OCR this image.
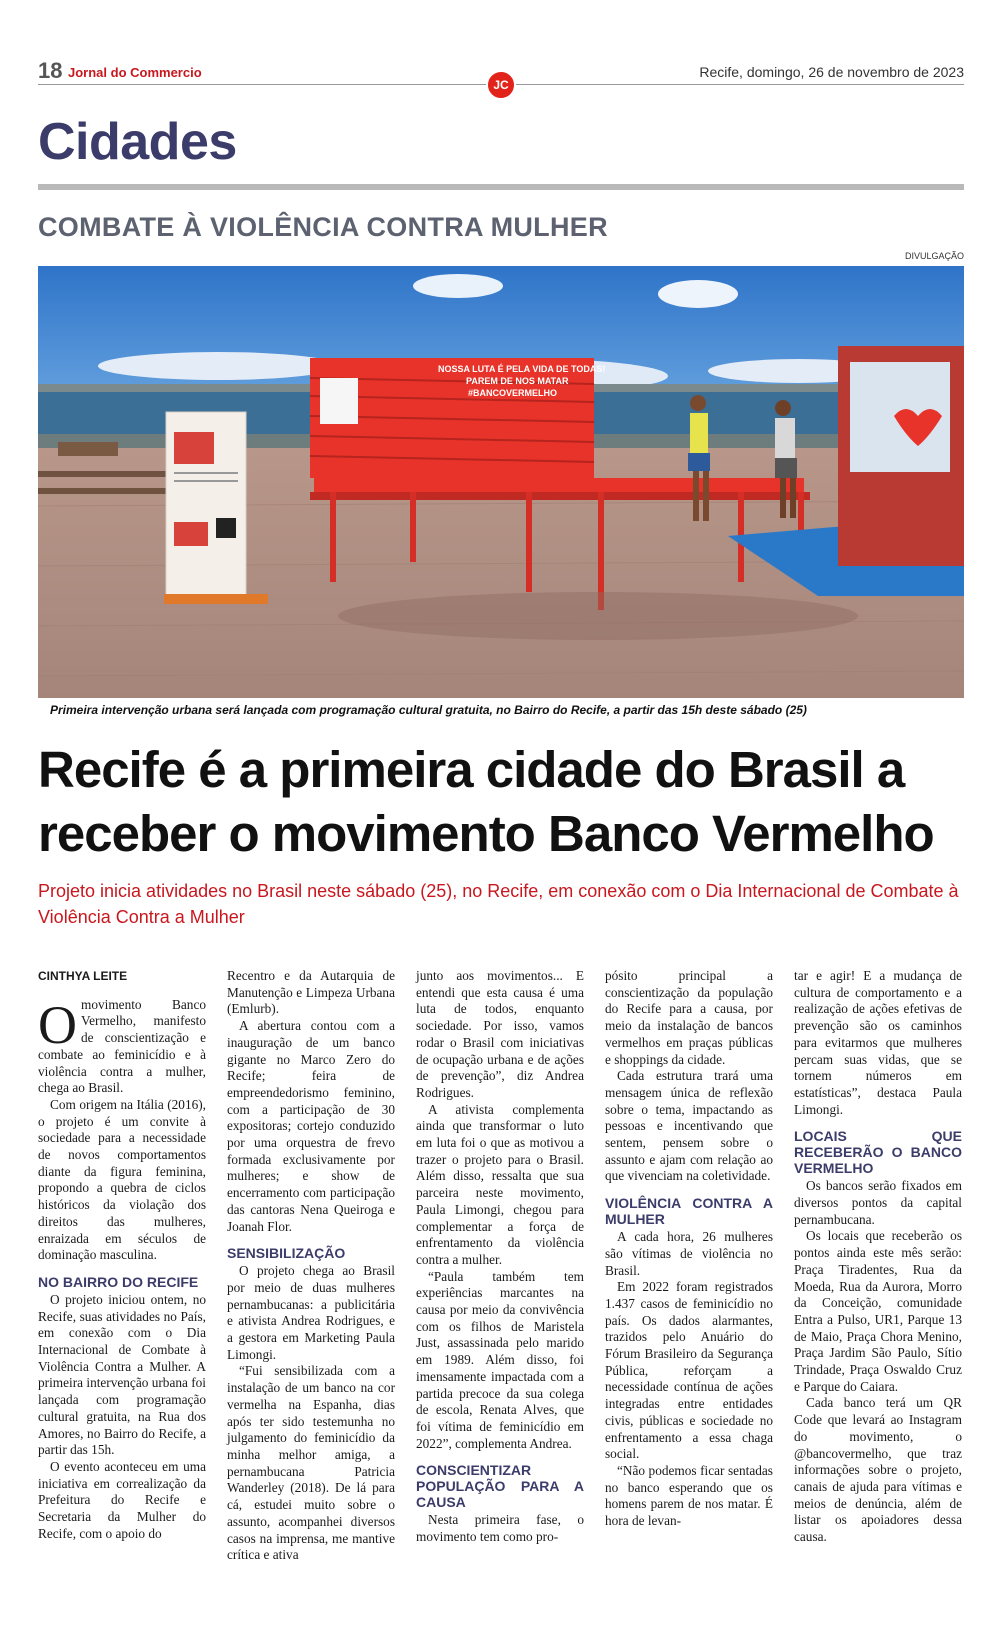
18 Jornal do Commercio	Recife, domingo, 26 de novembro de 2023
JC
Cidades
COMBATE À VIOLÊNCIA CONTRA MULHER
DIVULGAÇÃO
NOSSA LUTA É PELA VIDA DE TODAS!
PAREM DE NOS MATAR
#BANCOVERMELHO
Primeira intervenção urbana será lançada com programação cultural gratuita, no Bairro do Recife, a partir das 15h deste sábado (25)
Recife é a primeira cidade do Brasil a receber o movimento Banco Vermelho
Projeto inicia atividades no Brasil neste sábado (25), no Recife, em conexão com o Dia Internacional de Combate à Violência Contra a Mulher
CINTHYA LEITE

Omovimento Banco Vermelho, manifesto de conscientização e combate ao feminicídio e à violência contra a mulher, chega ao Brasil.

Com origem na Itália (2016), o projeto é um convite à sociedade para a necessidade de novos comportamentos diante da figura feminina, propondo a quebra de ciclos históricos da violação dos direitos das mulheres, enraizada em séculos de dominação masculina.

NO BAIRRO DO RECIFE

O projeto iniciou ontem, no Recife, suas atividades no País, em conexão com o Dia Internacional de Combate à Violência Contra a Mulher. A primeira intervenção urbana foi lançada com programação cultural gratuita, na Rua dos Amores, no Bairro do Recife, a partir das 15h.

O evento aconteceu em uma iniciativa em correalização da Prefeitura do Recife e Secretaria da Mulher do Recife, com o apoio do

Recentro e da Autarquia de Manutenção e Limpeza Urbana (Emlurb).

A abertura contou com a inauguração de um banco gigante no Marco Zero do Recife; feira de empreendedorismo feminino, com a participação de 30 expositoras; cortejo conduzido por uma orquestra de frevo formada exclusivamente por mulheres; e show de encerramento com participação das cantoras Nena Queiroga e Joanah Flor.

SENSIBILIZAÇÃO

O projeto chega ao Brasil por meio de duas mulheres pernambucanas: a publicitária e ativista Andrea Rodrigues, e a gestora em Marketing Paula Limongi.

“Fui sensibilizada com a instalação de um banco na cor vermelha na Espanha, dias após ter sido testemunha no julgamento do feminicídio da minha melhor amiga, a pernambucana Patricia Wanderley (2018). De lá para cá, estudei muito sobre o assunto, acompanhei diversos casos na imprensa, me mantive crítica e ativa

junto aos movimentos... E entendi que esta causa é uma luta de todos, enquanto sociedade. Por isso, vamos rodar o Brasil com iniciativas de ocupação urbana e de ações de prevenção”, diz Andrea Rodrigues.

A ativista complementa ainda que transformar o luto em luta foi o que as motivou a trazer o projeto para o Brasil. Além disso, ressalta que sua parceira neste movimento, Paula Limongi, chegou para complementar a força de enfrentamento da violência contra a mulher.

“Paula também tem experiências marcantes na causa por meio da convivência com os filhos de Maristela Just, assassinada pelo marido em 1989. Além disso, foi imensamente impactada com a partida precoce da sua colega de escola, Renata Alves, que foi vítima de feminicídio em 2022”, complementa Andrea.

CONSCIENTIZAR POPULAÇÃO PARA A CAUSA

Nesta primeira fase, o movimento tem como pro-

pósito principal a conscientização da população do Recife para a causa, por meio da instalação de bancos vermelhos em praças públicas e shoppings da cidade.

Cada estrutura trará uma mensagem única de reflexão sobre o tema, impactando as pessoas e incentivando que sentem, pensem sobre o assunto e ajam com relação ao que vivenciam na coletividade.

VIOLÊNCIA CONTRA A MULHER

A cada hora, 26 mulheres são vítimas de violência no Brasil.

Em 2022 foram registrados 1.437 casos de feminicídio no país. Os dados alarmantes, trazidos pelo Anuário do Fórum Brasileiro da Segurança Pública, reforçam a necessidade contínua de ações integradas entre entidades civis, públicas e sociedade no enfrentamento a essa chaga social.

“Não podemos ficar sentadas no banco esperando que os homens parem de nos matar. É hora de levan-

tar e agir! E a mudança de cultura de comportamento e a realização de ações efetivas de prevenção são os caminhos para evitarmos que mulheres percam suas vidas, que se tornem números em estatísticas”, destaca Paula Limongi.

LOCAIS QUE RECEBERÃO O BANCO VERMELHO

Os bancos serão fixados em diversos pontos da capital pernambucana.

Os locais que receberão os pontos ainda este mês serão: Praça Tiradentes, Rua da Moeda, Rua da Aurora, Morro da Conceição, comunidade Entra a Pulso, UR1, Parque 13 de Maio, Praça Chora Menino, Praça Jardim São Paulo, Sítio Trindade, Praça Oswaldo Cruz e Parque do Caiara.

Cada banco terá um QR Code que levará ao Instagram do movimento, o @bancovermelho, que traz informações sobre o projeto, canais de ajuda para vítimas e meios de denúncia, além de listar os apoiadores dessa causa.
